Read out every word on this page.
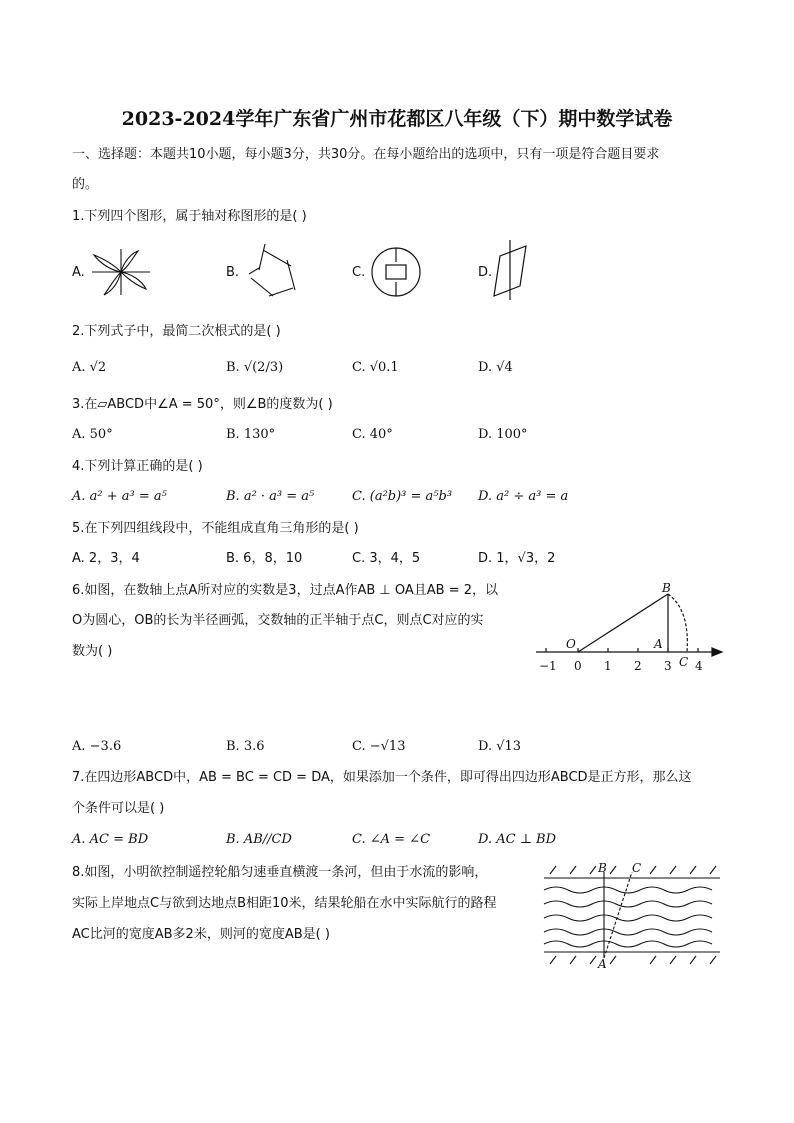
2023-2024学年广东省广州市花都区八年级（下）期中数学试卷
一、选择题：本题共10小题，每小题3分，共30分。在每小题给出的选项中，只有一项是符合题目要求
的。
1.下列四个图形，属于轴对称图形的是( )
A.	B.	C.	D.
2.下列式子中，最简二次根式的是( )
A. √2	B. √(2/3)	C. √0.1	D. √4
3.在▱ABCD中∠A = 50°，则∠B的度数为( )
A. 50°	B. 130°	C. 40°	D. 100°
4.下列计算正确的是( )
A. a² + a³ = a⁵	B. a² · a³ = a⁵	C. (a²b)³ = a⁵b³ D. a² ÷ a³ = a
5.在下列四组线段中，不能组成直角三角形的是( )
A. 2，3，4	B. 6，8，10	C. 3，4，5	D. 1，√3，2
6.如图，在数轴上点A所对应的实数是3，过点A作AB ⊥ OA且AB = 2，以
O为圆心，OB的长为半径画弧，交数轴的正半轴于点C，则点C对应的实
数为( )
−1 0 1 2 3 4
O	A
B
C
A. −3.6	B. 3.6	C. −√13	D. √13
7.在四边形ABCD中，AB = BC = CD = DA，如果添加一个条件，即可得出四边形ABCD是正方形，那么这
个条件可以是( )
A. AC = BD	B. AB//CD	C. ∠A = ∠C	D. AC ⊥ BD
8.如图，小明欲控制遥控轮船匀速垂直横渡一条河，但由于水流的影响，
实际上岸地点C与欲到达地点B相距10米，结果轮船在水中实际航行的路程
AC比河的宽度AB多2米，则河的宽度AB是( )
B C
A
